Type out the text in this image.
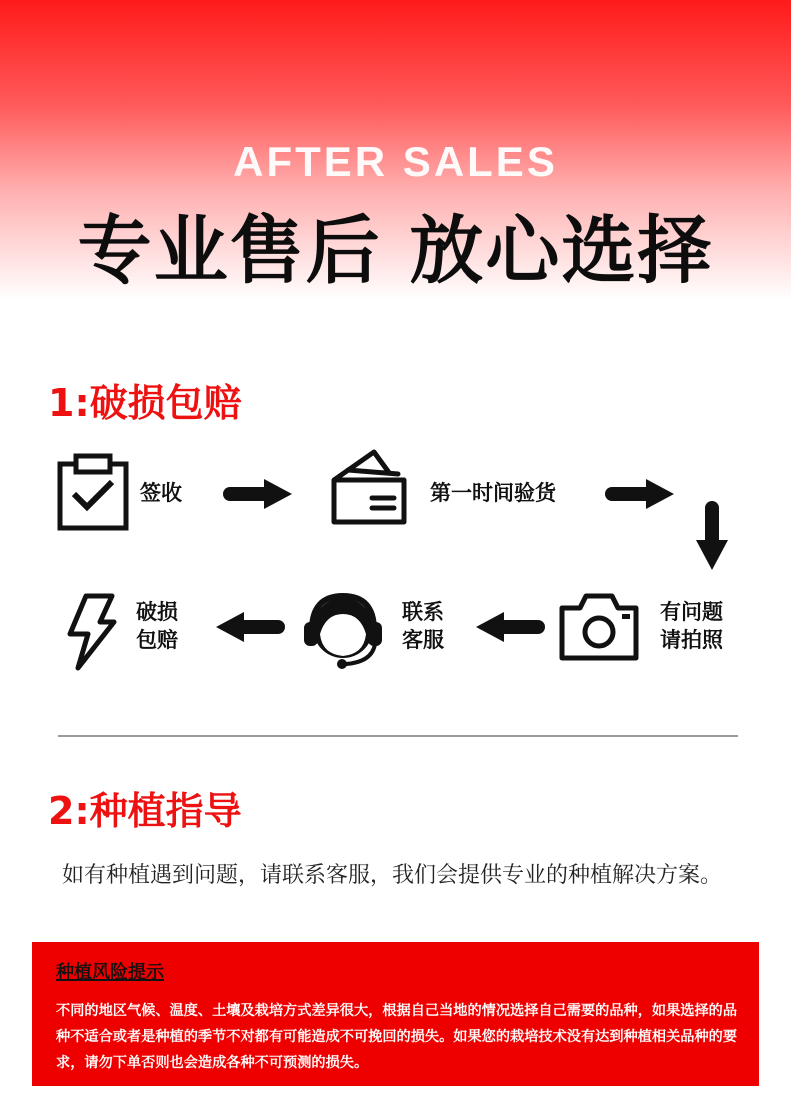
AFTER SALES
专业售后 放心选择
1:破损包赔
签收	第一时间验货
有问题
请拍照
联系
客服
破损
包赔
2:种植指导
如有种植遇到问题，请联系客服，我们会提供专业的种植解决方案。
种植风险提示
不同的地区气候、温度、土壤及栽培方式差异很大，根据自己当地的情况选择自己需要的品种，如果选择的品种不适合或者是种植的季节不对都有可能造成不可挽回的损失。如果您的栽培技术没有达到种植相关品种的要求，请勿下单否则也会造成各种不可预测的损失。
